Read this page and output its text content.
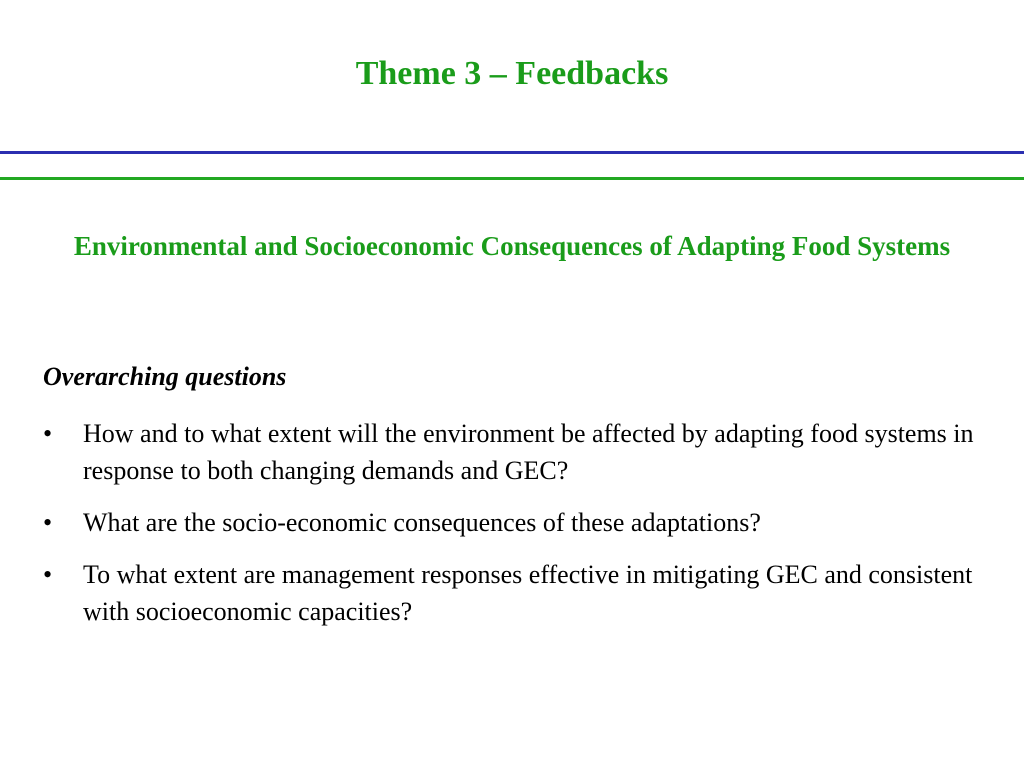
Theme 3 – Feedbacks
Environmental and Socioeconomic Consequences of Adapting Food Systems
Overarching questions
•	How and to what extent will the environment be affected by adapting food systems in response to both changing demands and GEC?
•	What are the socio-economic consequences of these adaptations?
•	To what extent are management responses effective in mitigating GEC and consistent with socioeconomic capacities?
